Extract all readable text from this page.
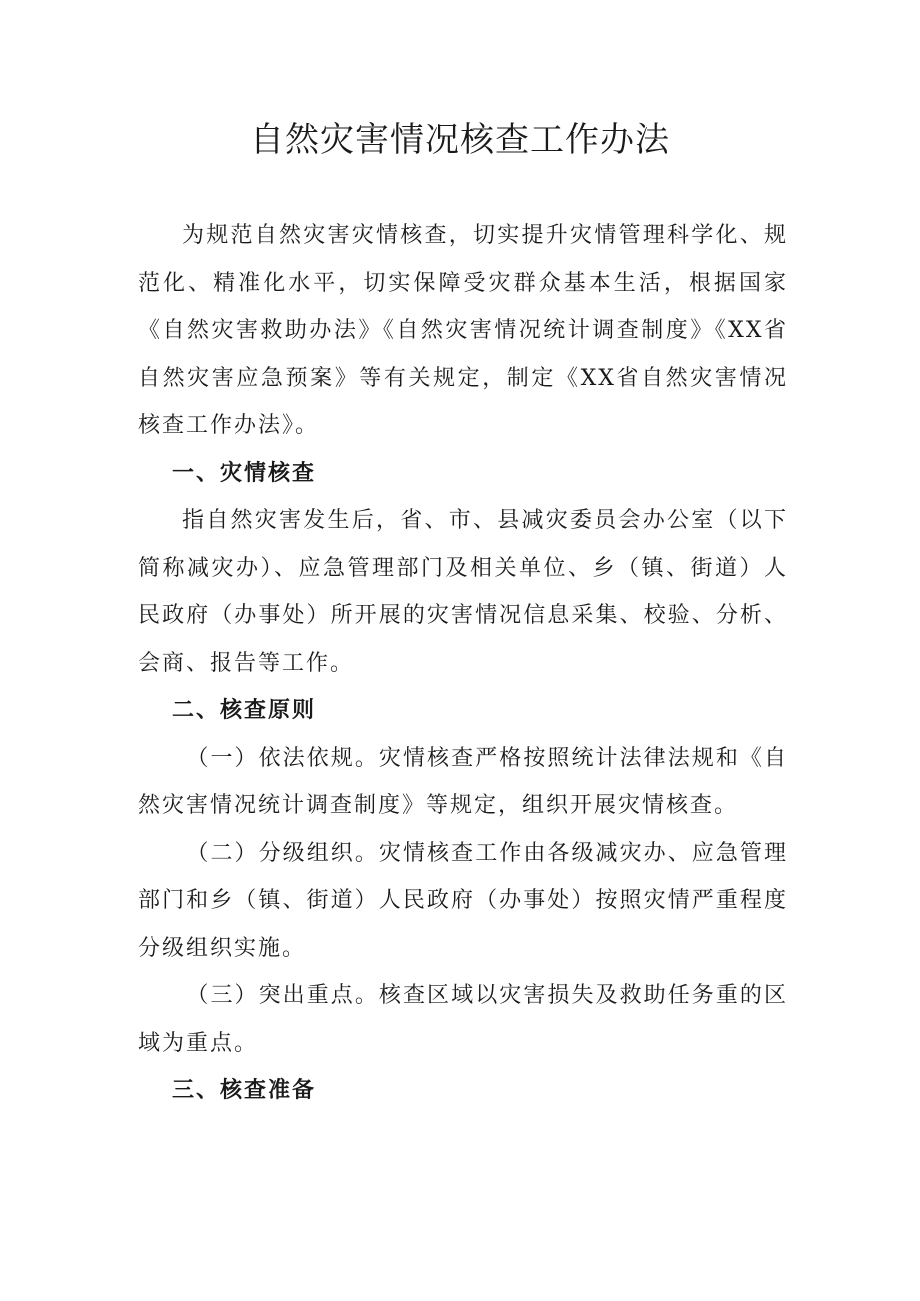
自然灾害情况核查工作办法

为规范自然灾害灾情核查，切实提升灾情管理科学化、规范化、精准化水平，切实保障受灾群众基本生活，根据国家《自然灾害救助办法》《自然灾害情况统计调查制度》《XX省自然灾害应急预案》等有关规定，制定《XX省自然灾害情况核查工作办法》。

一、灾情核查

指自然灾害发生后，省、市、县减灾委员会办公室（以下简称减灾办）、应急管理部门及相关单位、乡（镇、街道）人民政府（办事处）所开展的灾害情况信息采集、校验、分析、会商、报告等工作。

二、核查原则

（一）依法依规。灾情核查严格按照统计法律法规和《自然灾害情况统计调查制度》等规定，组织开展灾情核查。

（二）分级组织。灾情核查工作由各级减灾办、应急管理部门和乡（镇、街道）人民政府（办事处）按照灾情严重程度分级组织实施。

（三）突出重点。核查区域以灾害损失及救助任务重的区域为重点。

三、核查准备
